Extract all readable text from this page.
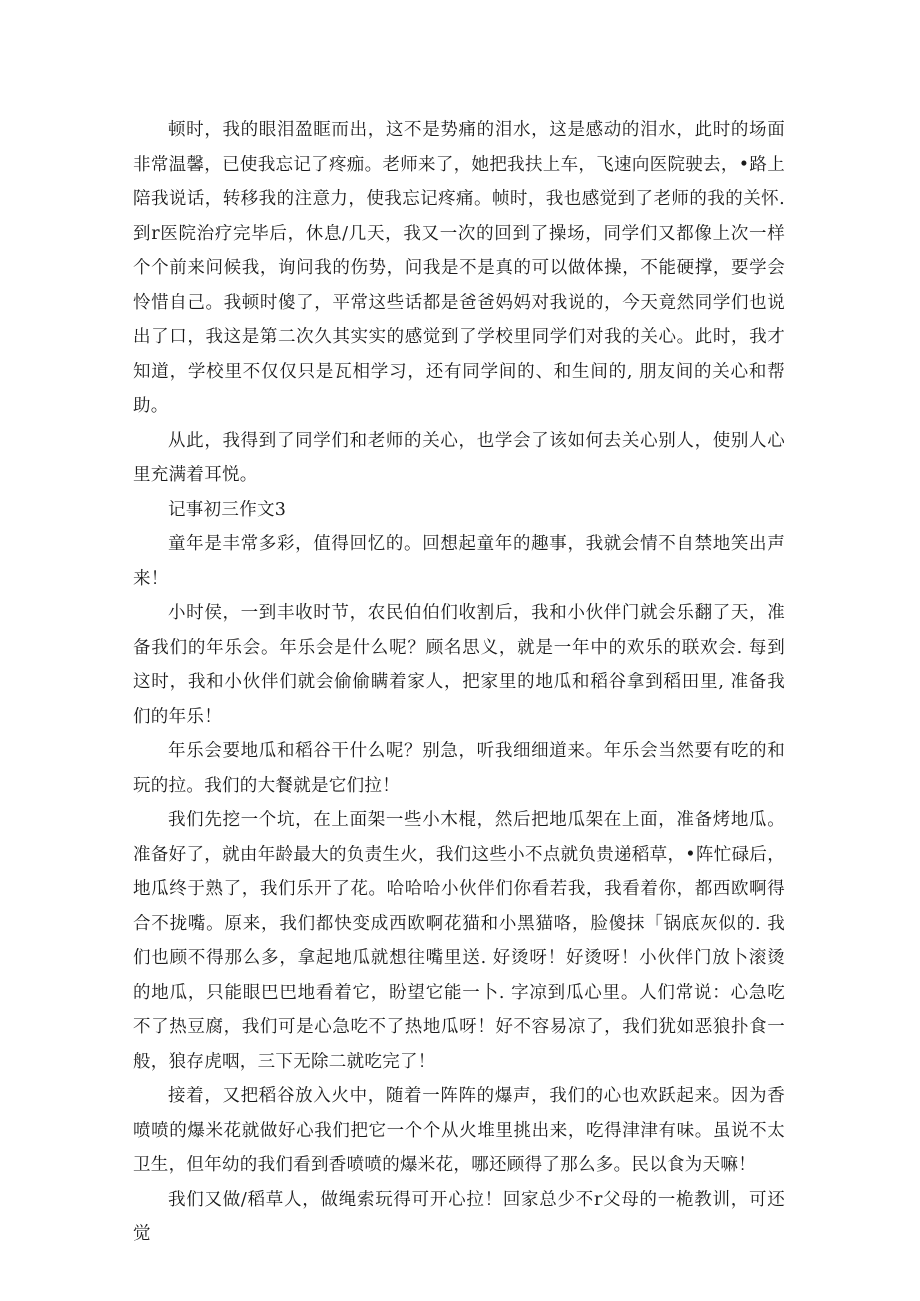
顿时，我的眼泪盈眶而出，这不是势痛的泪水，这是感动的泪水，此时的场面非常温馨，已使我忘记了疼痂。老师来了，她把我扶上车，飞速向医院驶去，•路上陪我说话，转移我的注意力，使我忘记疼痛。帧时，我也感觉到了老师的我的关怀. 到r医院治疗完毕后，休息/几天，我又一次的回到了操场，同学们又都像上次一样个个前来问候我，询问我的伤势，问我是不是真的可以做体操，不能硬撑，要学会怜惜自己。我顿时傻了，平常这些话都是爸爸妈妈对我说的，今天竟然同学们也说出了口，我这是第二次久其实实的感觉到了学校里同学们对我的关心。此时，我才知道，学校里不仅仅只是瓦相学习，还有同学间的、和生间的, 朋友间的关心和帮助。

从此，我得到了同学们和老师的关心，也学会了该如何去关心别人，使别人心里充满着耳悦。

记事初三作文3

童年是丰常多彩，值得回忆的。回想起童年的趣事，我就会情不自禁地笑出声来！

小时侯，一到丰收时节，农民伯伯们收割后，我和小伙伴门就会乐翻了天，准备我们的年乐会。年乐会是什么呢？顾名思义，就是一年中的欢乐的联欢会. 每到这时，我和小伙伴们就会偷偷瞒着家人，把家里的地瓜和稻谷拿到稻田里, 准备我们的年乐！

年乐会要地瓜和稻谷干什么呢？别急，听我细细道来。年乐会当然要有吃的和玩的拉。我们的大餐就是它们拉！

我们先挖一个坑，在上面架一些小木棍，然后把地瓜架在上面，准备烤地瓜。准备好了，就由年龄最大的负责生火，我们这些小不点就负贵递稻草，•阵忙碌后，地瓜终于熟了，我们乐开了花。哈哈哈小伙伴们你看若我，我看着你，都西欧啊得合不拢嘴。原来，我们都快变成西欧啊花猫和小黑猫咯，脸傻抹「锅底灰似的. 我们也顾不得那么多，拿起地瓜就想往嘴里送. 好烫呀！好烫呀！小伙伴门放卜滚烫的地瓜，只能眼巴巴地看着它，盼望它能一卜. 字凉到瓜心里。人们常说：心急吃不了热豆腐，我们可是心急吃不了热地瓜呀！好不容易凉了，我们犹如恶狼扑食一般，狼存虎咽，三下无除二就吃完了！

接着，又把稻谷放入火中，随着一阵阵的爆声，我们的心也欢跃起来。因为香喷喷的爆米花就做好心我们把它一个个从火堆里挑出来，吃得津津有味。虽说不太卫生，但年幼的我们看到香喷喷的爆米花，哪还顾得了那么多。民以食为天嘛！

我们又做/稻草人，做绳索玩得可开心拉！回家总少不r父母的一桅教训，可还觉
